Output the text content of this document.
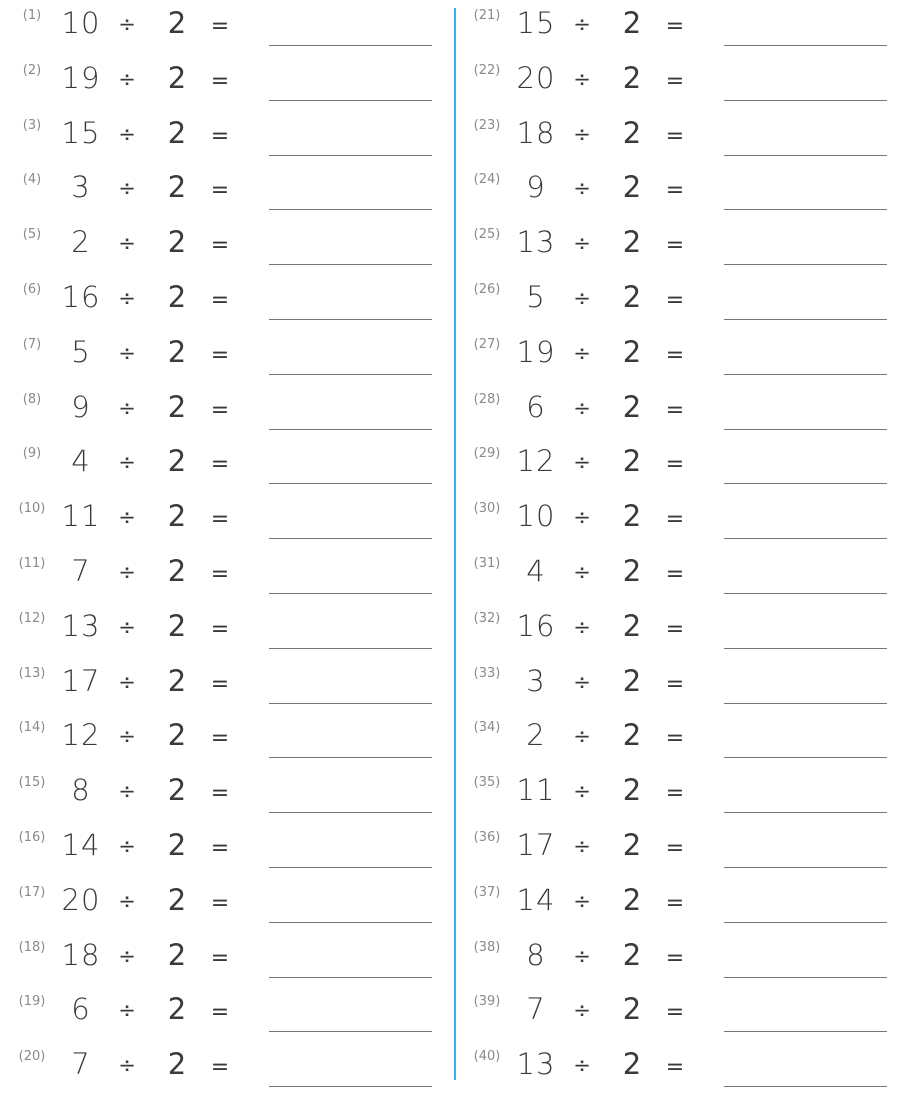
(1) 10 ÷ 2	=
(2) 19 ÷ 2	=
(3) 15 ÷ 2	=
(4)	3	÷ 2	=
(5)	2	÷ 2	=
(6) 16 ÷ 2	=
(7)	5	÷ 2	=
(8)	9	÷ 2	=
(9)	4	÷ 2	=
(10) 11 ÷ 2	=
(11) 7	÷ 2	=
(12) 13 ÷ 2	=
(13) 17 ÷ 2	=
(14) 12 ÷ 2	=
(15) 8	÷ 2	=
(16) 14 ÷ 2	=
(17) 20 ÷ 2	=
(18) 18 ÷ 2	=
(19) 6	÷ 2	=
(20) 7	÷ 2	=
(21) 15 ÷ 2	=
(22) 20 ÷ 2	=
(23) 18 ÷ 2	=
(24) 9	÷ 2	=
(25) 13 ÷ 2	=
(26) 5	÷ 2	=
(27) 19 ÷ 2	=
(28) 6	÷ 2	=
(29) 12 ÷ 2	=
(30) 10 ÷ 2	=
(31) 4	÷ 2	=
(32) 16 ÷ 2	=
(33) 3	÷ 2	=
(34) 2	÷ 2	=
(35) 11 ÷ 2	=
(36) 17 ÷ 2	=
(37) 14 ÷ 2	=
(38) 8	÷ 2	=
(39) 7	÷ 2	=
(40) 13 ÷ 2	=
